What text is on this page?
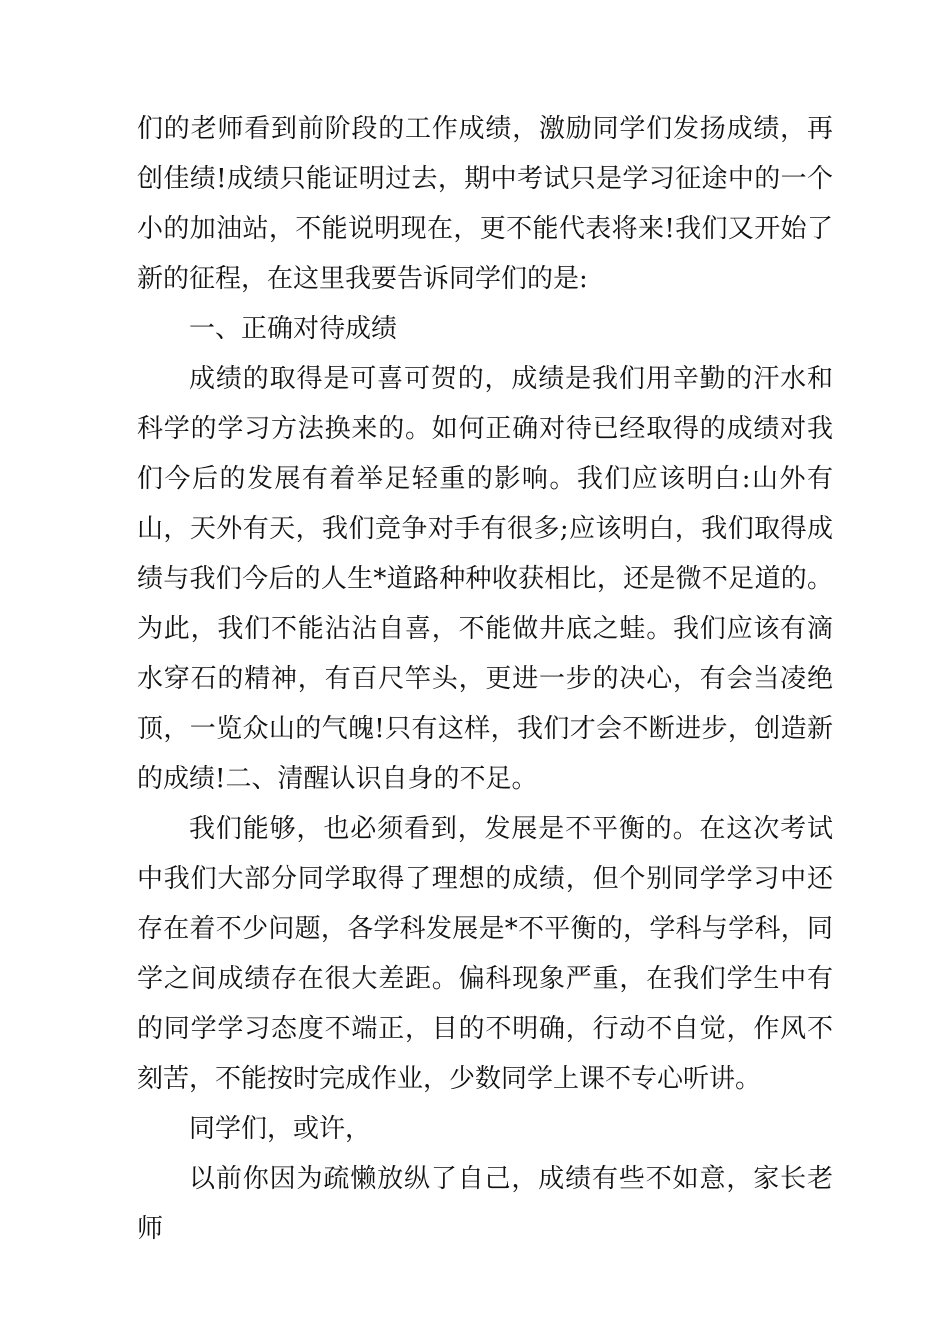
们的老师看到前阶段的工作成绩，激励同学们发扬成绩，再创佳绩!成绩只能证明过去，期中考试只是学习征途中的一个小的加油站，不能说明现在，更不能代表将来!我们又开始了新的征程，在这里我要告诉同学们的是:

一、正确对待成绩

成绩的取得是可喜可贺的，成绩是我们用辛勤的汗水和科学的学习方法换来的。如何正确对待已经取得的成绩对我们今后的发展有着举足轻重的影响。我们应该明白:山外有山，天外有天，我们竞争对手有很多;应该明白，我们取得成绩与我们今后的人生*道路种种收获相比，还是微不足道的。为此，我们不能沾沾自喜，不能做井底之蛙。我们应该有滴水穿石的精神，有百尺竿头，更进一步的决心，有会当凌绝顶，一览众山的气魄!只有这样，我们才会不断进步，创造新的成绩!二、清醒认识自身的不足。

我们能够，也必须看到，发展是不平衡的。在这次考试中我们大部分同学取得了理想的成绩，但个别同学学习中还存在着不少问题，各学科发展是*不平衡的，学科与学科，同学之间成绩存在很大差距。偏科现象严重，在我们学生中有的同学学习态度不端正，目的不明确，行动不自觉，作风不刻苦，不能按时完成作业，少数同学上课不专心听讲。

同学们，或许，

以前你因为疏懒放纵了自己，成绩有些不如意，家长老师
